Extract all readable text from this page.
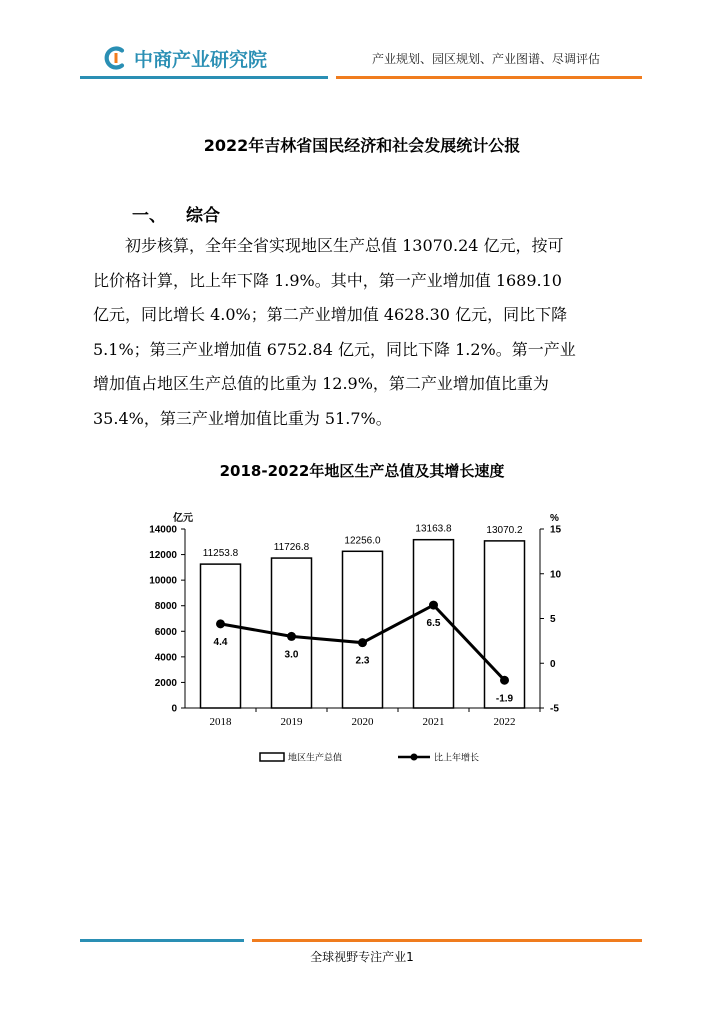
中商产业研究院	产业规划、园区规划、产业图谱、尽调评估
2022年吉林省国民经济和社会发展统计公报
一、 综合
初步核算，全年全省实现地区生产总值 13070.24 亿元，按可
比价格计算，比上年下降 1.9%。其中，第一产业增加值 1689.10
亿元，同比增长 4.0%；第二产业增加值 4628.30 亿元，同比下降
5.1%；第三产业增加值 6752.84 亿元，同比下降 1.2%。第一产业
增加值占地区生产总值的比重为 12.9%，第二产业增加值比重为
35.4%，第三产业增加值比重为 51.7%。
2018-2022年地区生产总值及其增长速度
0
2000
4000
6000
8000
10000
12000
14000
-5
0
5
10
15
亿元	%
11253.8
2018
11726.8
2019
12256.0
2020
13163.8
2021
13070.2
2022
4.4
3.0
2.3
6.5
-1.9
地区生产总值	比上年增长
全球视野专注产业1
